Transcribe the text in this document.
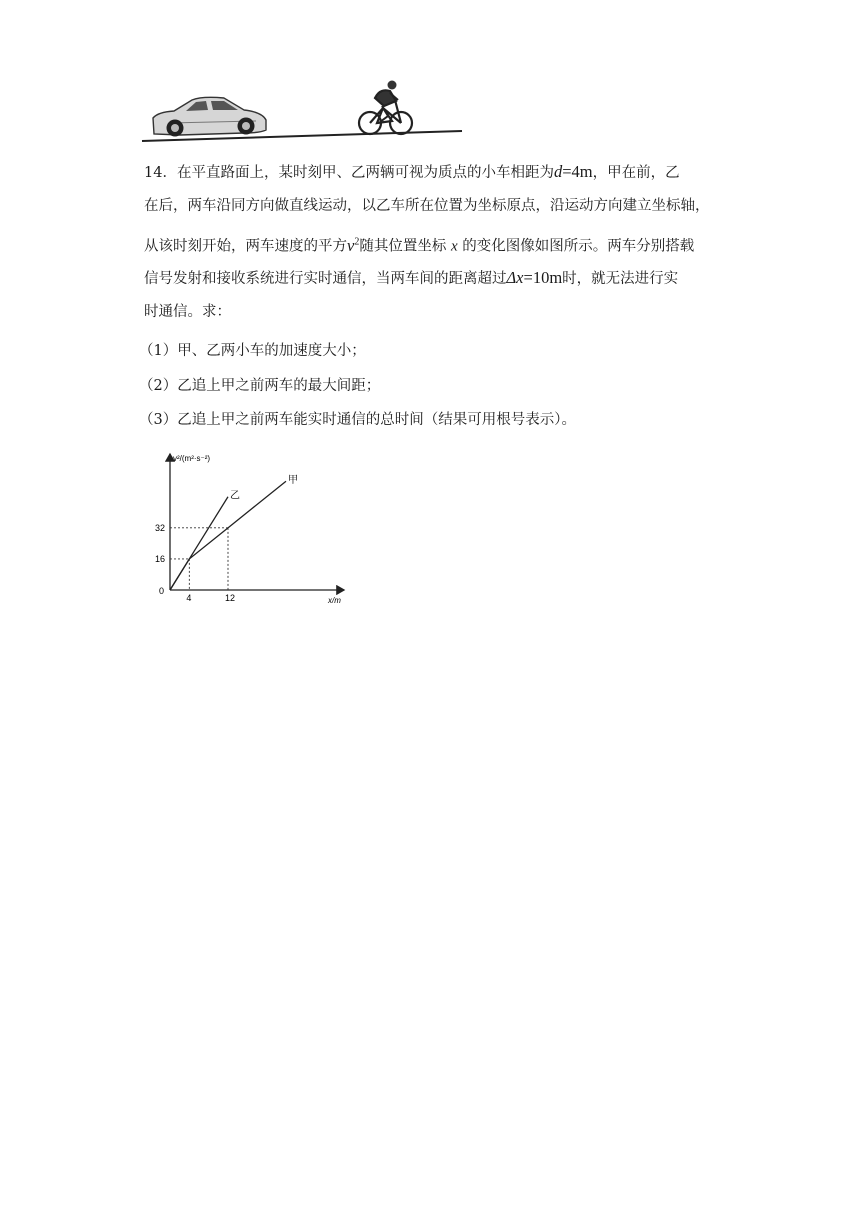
14．在平直路面上，某时刻甲、乙两辆可视为质点的小车相距为d=4m，甲在前，乙
在后，两车沿同方向做直线运动，以乙车所在位置为坐标原点，沿运动方向建立坐标轴，
从该时刻开始，两车速度的平方$v^2$随其位置坐标 x 的变化图像如图所示。两车分别搭载
信号发射和接收系统进行实时通信，当两车间的距离超过Δx=10m时，就无法进行实
时通信。求：
（1）甲、乙两小车的加速度大小；
（2）乙追上甲之前两车的最大间距；
（3）乙追上甲之前两车能实时通信的总时间（结果可用根号表示）。
v²/(m²·s⁻²)
x/m
0
乙
甲
4	12
16
32
